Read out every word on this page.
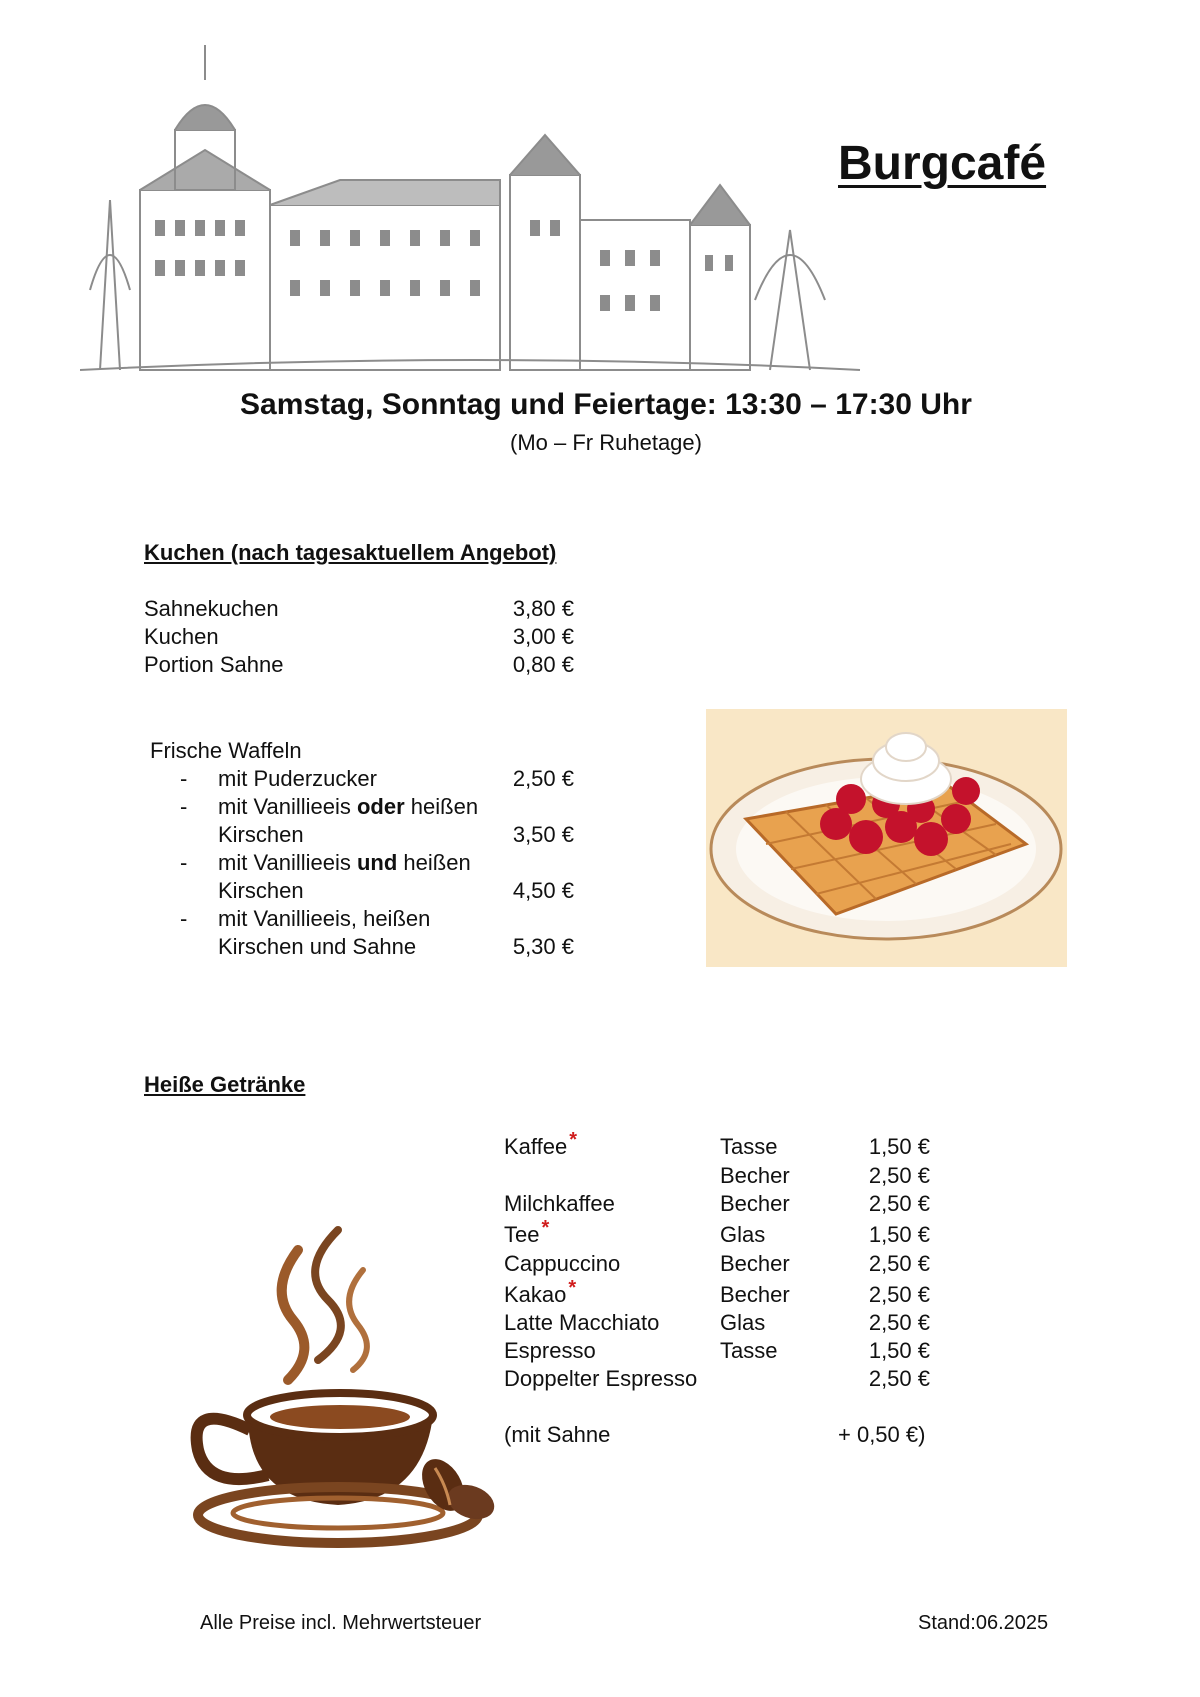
Burgcafé
Samstag, Sonntag und Feiertage: 13:30 – 17:30 Uhr
(Mo – Fr Ruhetage)
Kuchen (nach tagesaktuellem Angebot)
Sahnekuchen	3,80 €
Kuchen	3,00 €
Portion Sahne	0,80 €
Frische Waffeln
- mit Puderzucker	2,50 €
- mit Vanillieeis oder heißen
Kirschen	3,50 €
- mit Vanillieeis und heißen
Kirschen	4,50 €
- mit Vanillieeis, heißen
Kirschen und Sahne	5,30 €
Heiße Getränke
Kaffee *	Tasse	1,50 €
Becher	2,50 €
Milchkaffee	Becher	2,50 €
Tee *	Glas	1,50 €
Cappuccino	Becher	2,50 €
Kakao *	Becher	2,50 €
Latte Macchiato	Glas	2,50 €
Espresso	Tasse	1,50 €
Doppelter Espresso	2,50 €
(mit Sahne	+ 0,50 €)
Alle Preise incl. Mehrwertsteuer	Stand:06.2025
